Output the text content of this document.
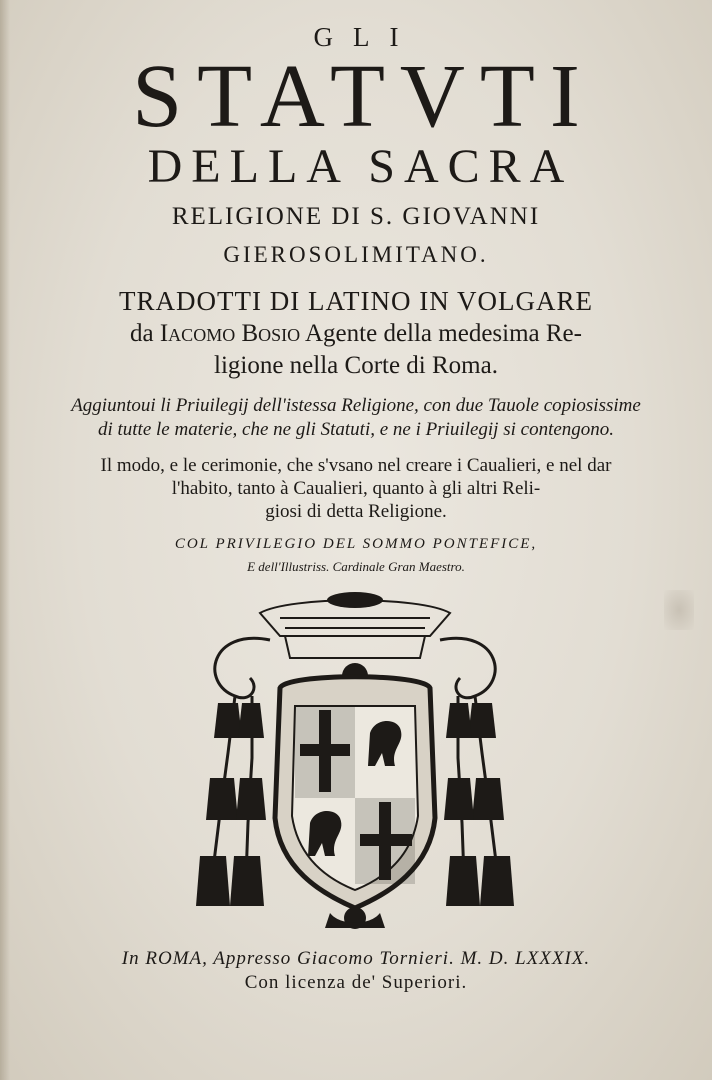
GLI
STATVTI
DELLA SACRA
RELIGIONE DI S. GIOVANNI
GIEROSOLIMITANO.
TRADOTTI DI LATINO IN VOLGARE
da Iacomo Bosio Agente della medesima Re-
ligione nella Corte di Roma.
Aggiuntoui li Priuilegij dell'istessa Religione, con due Tauole copiosissime
di tutte le materie, che ne gli Statuti, e ne i Priuilegij si contengono.
Il modo, e le cerimonie, che s'vsano nel creare i Caualieri, e nel dar
l'habito, tanto à Caualieri, quanto à gli altri Reli-
giosi di detta Religione.
COL PRIVILEGIO DEL SOMMO PONTEFICE,
E dell'Illustriss. Cardinale Gran Maestro.
In ROMA, Appresso Giacomo Tornieri. M. D. LXXXIX.
Con licenza de' Superiori.
